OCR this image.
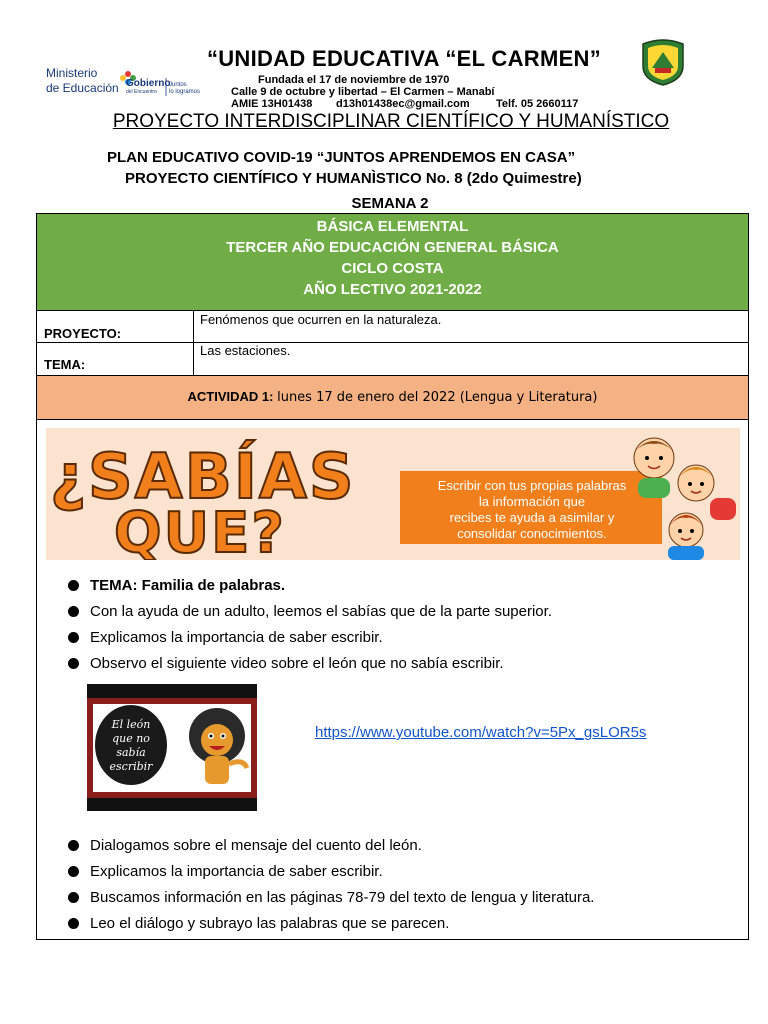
Ministerio
de Educación Gobierno
del Encuentro
Juntos
lo logramos
“UNIDAD EDUCATIVA “EL CARMEN”
Fundada el 17 de noviembre de 1970
Calle 9 de octubre y libertad – El Carmen – Manabí
AMIE 13H01438 d13h01438ec@gmail.com Telf. 05 2660117
PROYECTO INTERDISCIPLINAR CIENTÍFICO Y HUMANÍSTICO
PLAN EDUCATIVO COVID-19 “JUNTOS APRENDEMOS EN CASA”
PROYECTO CIENTÍFICO Y HUMANÌSTICO No. 8 (2do Quimestre)
SEMANA 2
BÁSICA ELEMENTAL
TERCER AÑO EDUCACIÓN GENERAL BÁSICA
CICLO COSTA
AÑO LECTIVO 2021-2022
PROYECTO:
Fenómenos que ocurren en la naturaleza.
TEMA:
Las estaciones.
ACTIVIDAD 1: lunes 17 de enero del 2022 (Lengua y Literatura)
¿SABÍAS
QUE?
Escribir con tus propias palabras
la información que
recibes te ayuda a asimilar y
consolidar conocimientos.
TEMA: Familia de palabras.
Con la ayuda de un adulto, leemos el sabías que de la parte superior.
Explicamos la importancia de saber escribir.
Observo el siguiente video sobre el león que no sabía escribir.
El león
que no
sabía
escribir
https://www.youtube.com/watch?v=5Px_gsLOR5s
Dialogamos sobre el mensaje del cuento del león.
Explicamos la importancia de saber escribir.
Buscamos información en las páginas 78-79 del texto de lengua y literatura.
Leo el diálogo y subrayo las palabras que se parecen.
